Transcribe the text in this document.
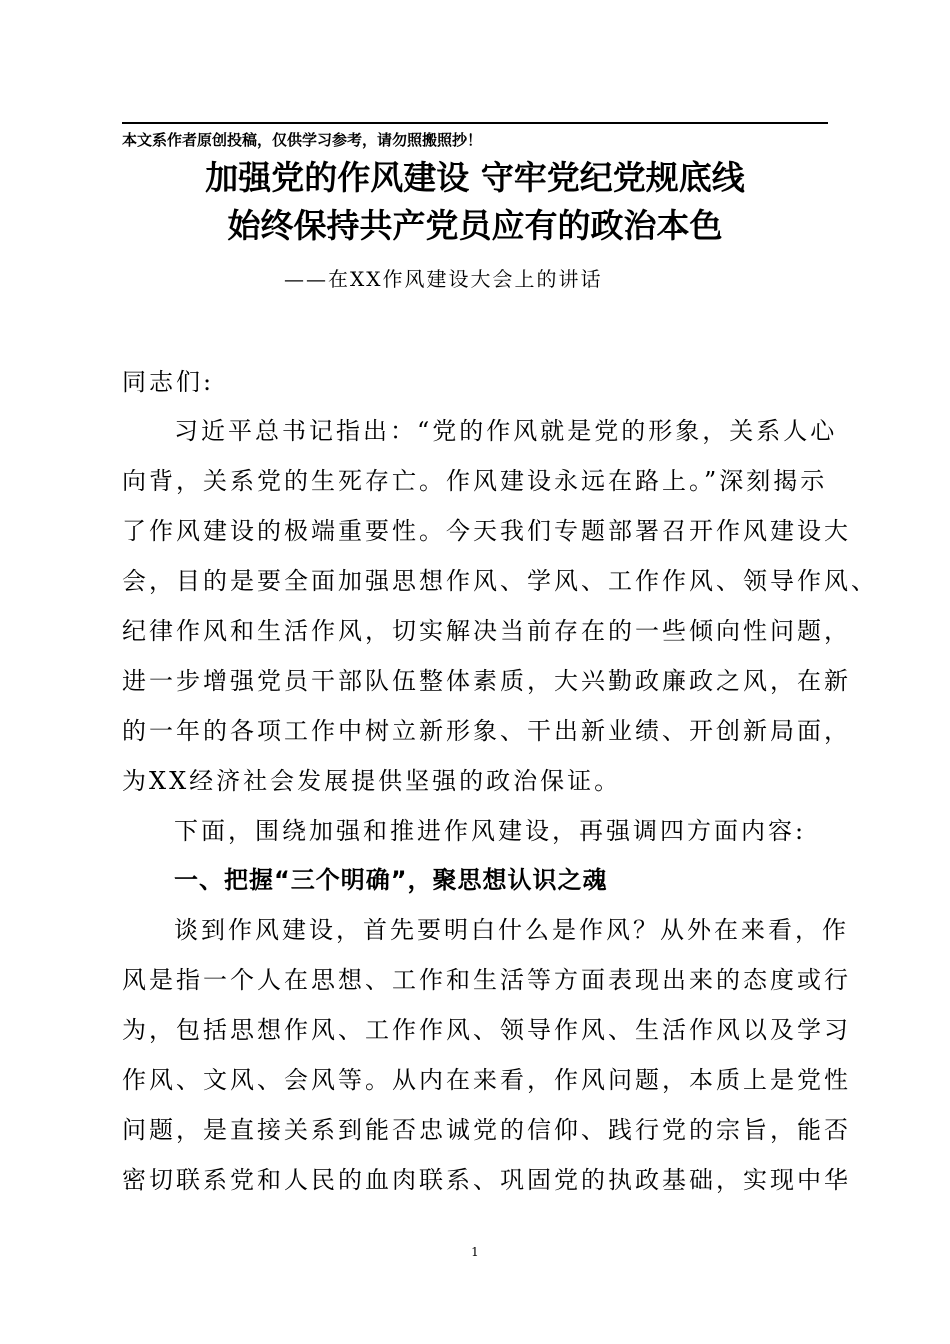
本文系作者原创投稿，仅供学习参考，请勿照搬照抄！
加强党的作风建设 守牢党纪党规底线
始终保持共产党员应有的政治本色
——在XX作风建设大会上的讲话
同志们:
习近平总书记指出：“党的作风就是党的形象，关系人心
向背，关系党的生死存亡。作风建设永远在路上。”深刻揭示
了作风建设的极端重要性。今天我们专题部署召开作风建设大
会，目的是要全面加强思想作风、学风、工作作风、领导作风、
纪律作风和生活作风，切实解决当前存在的一些倾向性问题，
进一步增强党员干部队伍整体素质，大兴勤政廉政之风，在新
的一年的各项工作中树立新形象、干出新业绩、开创新局面，
为XX经济社会发展提供坚强的政治保证。
下面，围绕加强和推进作风建设，再强调四方面内容:
一、把握“三个明确”，聚思想认识之魂
谈到作风建设，首先要明白什么是作风？从外在来看，作
风是指一个人在思想、工作和生活等方面表现出来的态度或行
为，包括思想作风、工作作风、领导作风、生活作风以及学习
作风、文风、会风等。从内在来看，作风问题，本质上是党性
问题，是直接关系到能否忠诚党的信仰、践行党的宗旨，能否
密切联系党和人民的血肉联系、巩固党的执政基础，实现中华
1
